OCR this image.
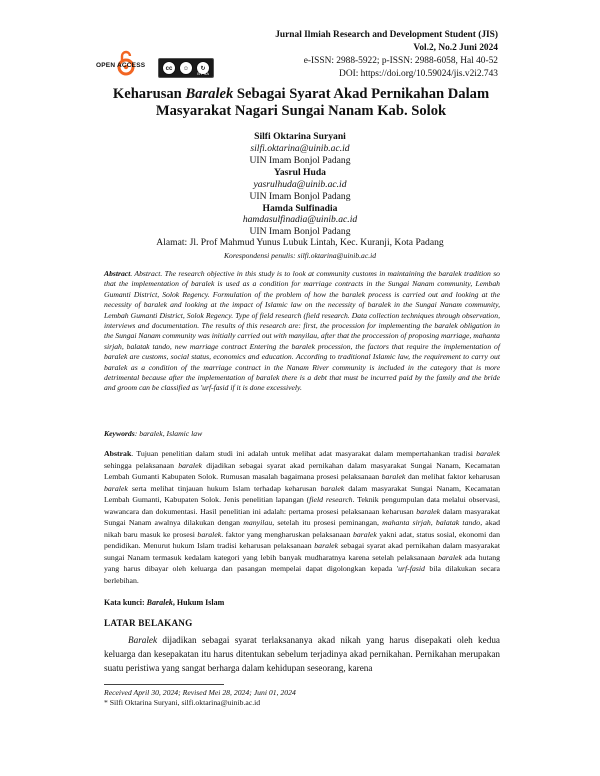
OPEN ACCESS	cc	☺	↻
BY SA
Jurnal Ilmiah Research and Development Student (JIS)
Vol.2, No.2 Juni 2024
e-ISSN: 2988-5922; p-ISSN: 2988-6058, Hal 40-52
DOI: https://doi.org/10.59024/jis.v2i2.743
Keharusan Baralek Sebagai Syarat Akad Pernikahan Dalam Masyarakat Nagari Sungai Nanam Kab. Solok
Silfi Oktarina Suryani
silfi.oktarina@uinib.ac.id
UIN Imam Bonjol Padang
Yasrul Huda
yasrulhuda@uinib.ac.id
UIN Imam Bonjol Padang
Hamda Sulfinadia
hamdasulfinadia@uinib.ac.id
UIN Imam Bonjol Padang
Alamat: Jl. Prof Mahmud Yunus Lubuk Lintah, Kec. Kuranji, Kota Padang
Korespondensi penulis: silfi.oktarina@uinib.ac.id
Abstract. Abstract. The research objective in this study is to look at community customs in maintaining the baralek tradition so that the implementation of baralek is used as a condition for marriage contracts in the Sungai Nanam community, Lembah Gumanti District, Solok Regency. Formulation of the problem of how the baralek process is carried out and looking at the necessity of baralek and looking at the impact of Islamic law on the necessity of baralek in the Sungai Nanam community, Lembah Gumanti District, Solok Regency. Type of field research (field research. Data collection techniques through observation, interviews and documentation. The results of this research are: first, the procession for implementing the baralek obligation in the Sungai Nanam community was initially carried out with manyilau, after that the proccession of proposing marriage, mahanta sirjah, balatak tando, new marriage contract Entering the baralek procession, the factors that require the implementation of baralek are customs, social status, economics and education. According to traditional Islamic law, the requirement to carry out baralek as a condition of the marriage contract in the Nanam River community is included in the category that is more detrimental because after the implementation of baralek there is a debt that must be incurred paid by the family and the bride and groom can be classified as 'urf-fasid if it is done excessively.
Keywords: baralek, Islamic law
Abstrak. Tujuan penelitian dalam studi ini adalah untuk melihat adat masyarakat dalam mempertahankan tradisi baralek sehingga pelaksanaan baralek dijadikan sebagai syarat akad pernikahan dalam masyarakat Sungai Nanam, Kecamatan Lembah Gumanti Kabupaten Solok. Rumusan masalah bagaimana prosesi pelaksanaan baralek dan melihat faktor keharusan baralek serta melihat tinjauan hukum Islam terhadap keharusan baralek dalam masyarakat Sungai Nanam, Kecamatan Lembah Gumanti, Kabupaten Solok. Jenis penelitian lapangan (field research. Teknik pengumpulan data melalui observasi, wawancara dan dokumentasi. Hasil penelitian ini adalah: pertama prosesi pelaksanaan keharusan baralek dalam masyarakat Sungai Nanam awalnya dilakukan dengan manyilau, setelah itu prosesi peminangan, mahanta sirjah, balatak tando, akad nikah baru masuk ke prosesi baralek. faktor yang mengharuskan pelaksanaan baralek yakni adat, status sosial, ekonomi dan pendidikan. Menurut hukum Islam tradisi keharusan pelaksanaan baralek sebagai syarat akad pernikahan dalam masyarakat sungai Nanam termasuk kedalam kategori yang lebih banyak mudharatnya karena setelah pelaksanaan baralek ada hutang yang harus dibayar oleh keluarga dan pasangan mempelai dapat digolongkan kepada 'urf-fasid bila dilakukan secara berlebihan.
Kata kunci: Baralek, Hukum Islam
LATAR BELAKANG
Baralek dijadikan sebagai syarat terlaksananya akad nikah yang harus disepakati oleh kedua keluarga dan kesepakatan itu harus ditentukan sebelum terjadinya akad pernikahan. Pernikahan merupakan suatu peristiwa yang sangat berharga dalam kehidupan seseorang, karena
Received April 30, 2024; Revised Mei 28, 2024; Juni 01, 2024
* Silfi Oktarina Suryani, silfi.oktarina@uinib.ac.id
